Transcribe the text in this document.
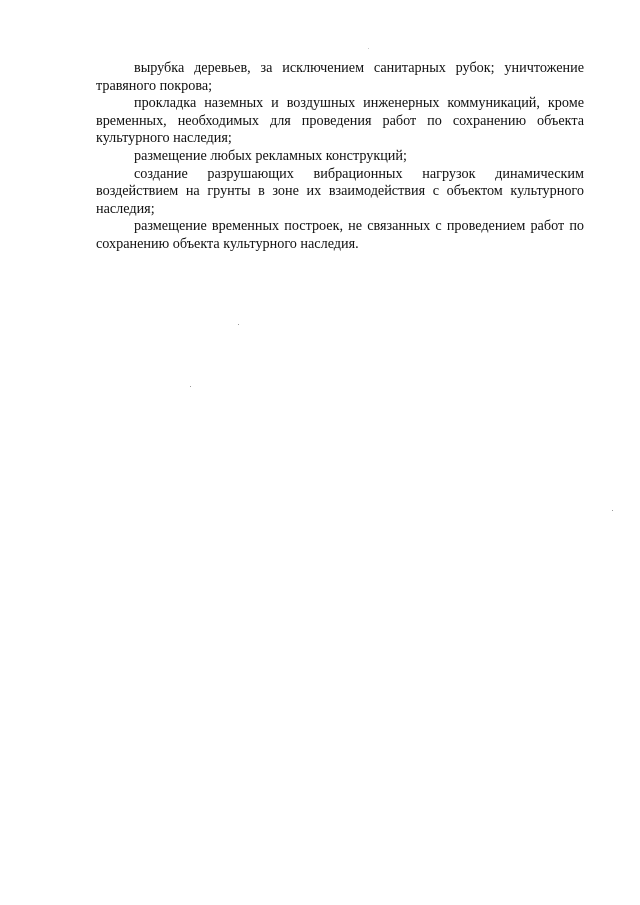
вырубка деревьев, за исключением санитарных рубок; уничтожение травяного покрова;

прокладка наземных и воздушных инженерных коммуникаций, кроме временных, необходимых для проведения работ по сохранению объекта культурного наследия;

размещение любых рекламных конструкций;

создание разрушающих вибрационных нагрузок динамическим воздействием на грунты в зоне их взаимодействия с объектом культурного наследия;

размещение временных построек, не связанных с проведением работ по сохранению объекта культурного наследия.
